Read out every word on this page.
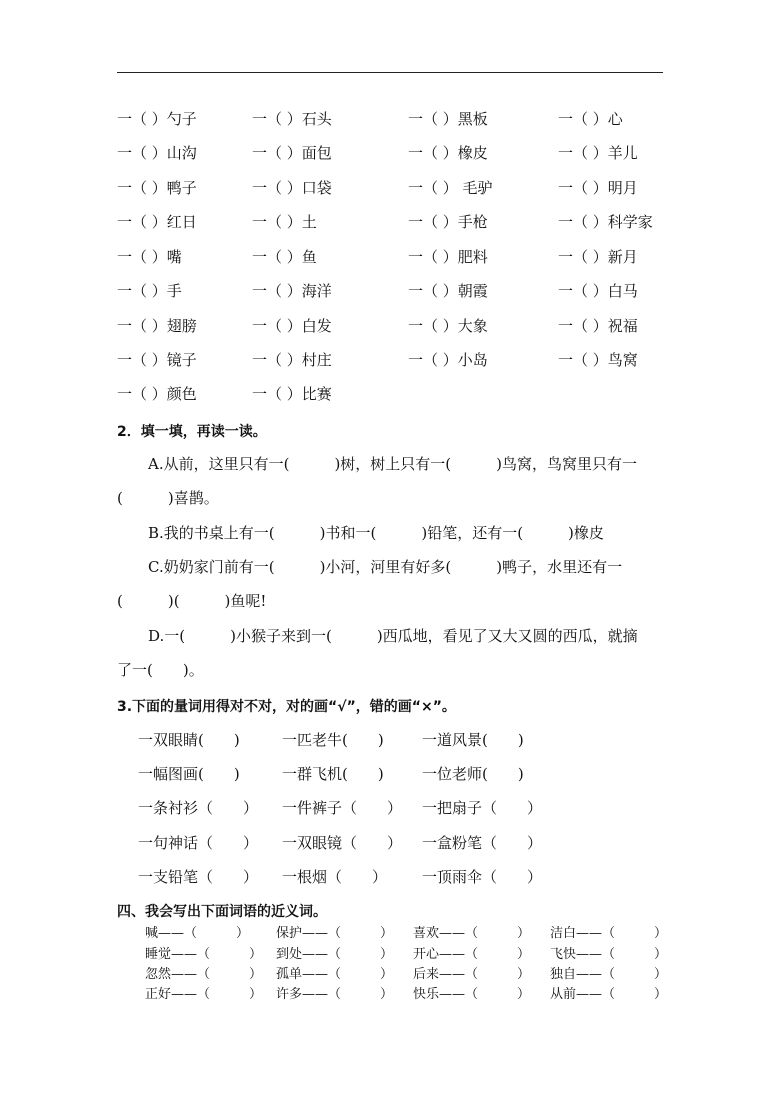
一（ ）勺子	一（ ）石头	一（ ）黑板	一（ ）心
一（ ）山沟	一（ ）面包	一（ ）橡皮	一（ ）羊儿
一（ ）鸭子	一（ ）口袋	一（ ） 毛驴	一（ ）明月
一（ ）红日	一（ ）土	一（ ）手枪	一（ ）科学家
一（ ）嘴	一（ ）鱼	一（ ）肥料	一（ ）新月
一（ ）手	一（ ）海洋	一（ ）朝霞	一（ ）白马
一（ ）翅膀	一（ ）白发	一（ ）大象	一（ ）祝福
一（ ）镜子	一（ ）村庄	一（ ）小岛	一（ ）鸟窝
一（ ）颜色	一（ ）比赛
2．填一填，再读一读。
A.从前，这里只有一(　　　)树，树上只有一(　　　)鸟窝，鸟窝里只有一
(　　　)喜鹊。
B.我的书桌上有一(　　　)书和一(　　　)铅笔，还有一(　　　)橡皮
C.奶奶家门前有一(　　　)小河，河里有好多(　　　)鸭子，水里还有一
(　　　)(　　　)鱼呢!
D.一(　　　)小猴子来到一(　　　)西瓜地，看见了又大又圆的西瓜，就摘
了一(　　)。
3.下面的量词用得对不对，对的画“√”，错的画“×”。
一双眼睛(　　)	一匹老牛(　　)	一道风景(　　)
一幅图画(　　)	一群飞机(　　)	一位老师(　　)
一条衬衫（　　） 一件裤子（　　） 一把扇子（　　）
一句神话（　　） 一双眼镜（　　） 一盒粉笔（　　）
一支铅笔（　　） 一根烟（　　） 一顶雨伞（　　）
四、我会写出下面词语的近义词。
喊——（　　　） 保护——（　　　） 喜欢——（　　　） 洁白——（　　　）
睡觉——（　　　） 到处——（　　　） 开心——（　　　） 飞快——（　　　）
忽然——（　　　） 孤单——（　　　） 后来——（　　　） 独自——（　　　）
正好——（　　　） 许多——（　　　） 快乐——（　　　） 从前——（　　　）
